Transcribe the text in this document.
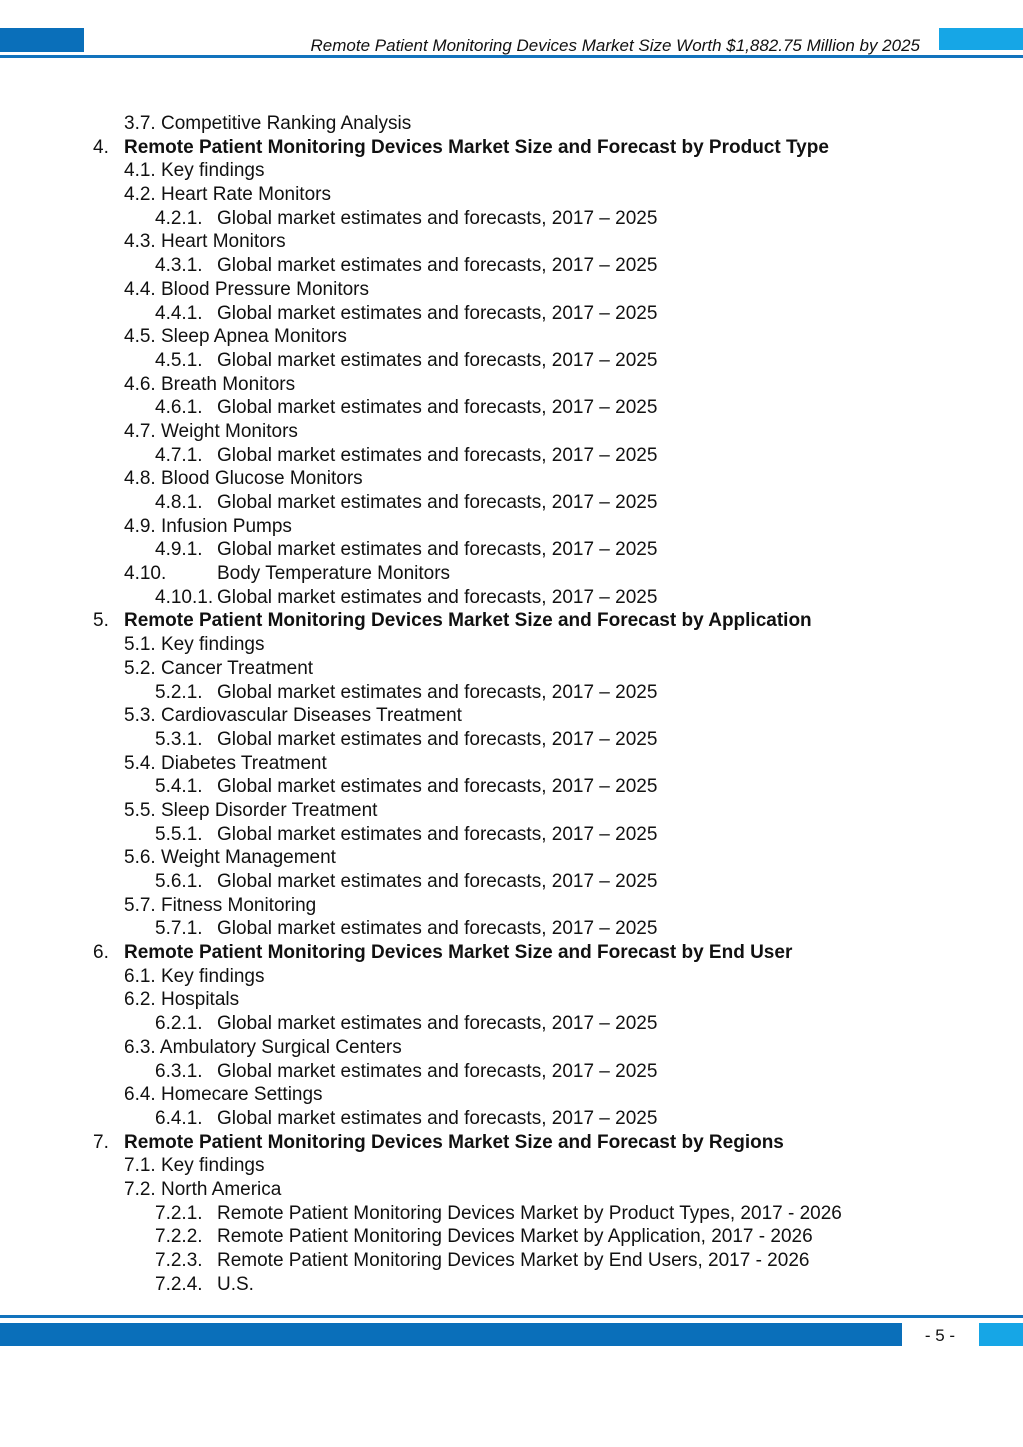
Remote Patient Monitoring Devices Market Size Worth $1,882.75 Million by 2025
3.7. Competitive Ranking Analysis
4. Remote Patient Monitoring Devices Market Size and Forecast by Product Type
4.1. Key findings
4.2. Heart Rate Monitors
4.2.1. Global market estimates and forecasts, 2017 – 2025
4.3. Heart Monitors
4.3.1. Global market estimates and forecasts, 2017 – 2025
4.4. Blood Pressure Monitors
4.4.1. Global market estimates and forecasts, 2017 – 2025
4.5. Sleep Apnea Monitors
4.5.1. Global market estimates and forecasts, 2017 – 2025
4.6. Breath Monitors
4.6.1. Global market estimates and forecasts, 2017 – 2025
4.7. Weight Monitors
4.7.1. Global market estimates and forecasts, 2017 – 2025
4.8. Blood Glucose Monitors
4.8.1. Global market estimates and forecasts, 2017 – 2025
4.9. Infusion Pumps
4.9.1. Global market estimates and forecasts, 2017 – 2025
4.10.	Body Temperature Monitors
4.10.1. Global market estimates and forecasts, 2017 – 2025
5. Remote Patient Monitoring Devices Market Size and Forecast by Application
5.1. Key findings
5.2. Cancer Treatment
5.2.1. Global market estimates and forecasts, 2017 – 2025
5.3. Cardiovascular Diseases Treatment
5.3.1. Global market estimates and forecasts, 2017 – 2025
5.4. Diabetes Treatment
5.4.1. Global market estimates and forecasts, 2017 – 2025
5.5. Sleep Disorder Treatment
5.5.1. Global market estimates and forecasts, 2017 – 2025
5.6. Weight Management
5.6.1. Global market estimates and forecasts, 2017 – 2025
5.7. Fitness Monitoring
5.7.1. Global market estimates and forecasts, 2017 – 2025
6. Remote Patient Monitoring Devices Market Size and Forecast by End User
6.1. Key findings
6.2. Hospitals
6.2.1. Global market estimates and forecasts, 2017 – 2025
6.3. Ambulatory Surgical Centers
6.3.1. Global market estimates and forecasts, 2017 – 2025
6.4. Homecare Settings
6.4.1. Global market estimates and forecasts, 2017 – 2025
7. Remote Patient Monitoring Devices Market Size and Forecast by Regions
7.1. Key findings
7.2. North America
7.2.1. Remote Patient Monitoring Devices Market by Product Types, 2017 - 2026
7.2.2. Remote Patient Monitoring Devices Market by Application, 2017 - 2026
7.2.3. Remote Patient Monitoring Devices Market by End Users, 2017 - 2026
7.2.4. U.S.
- 5 -
